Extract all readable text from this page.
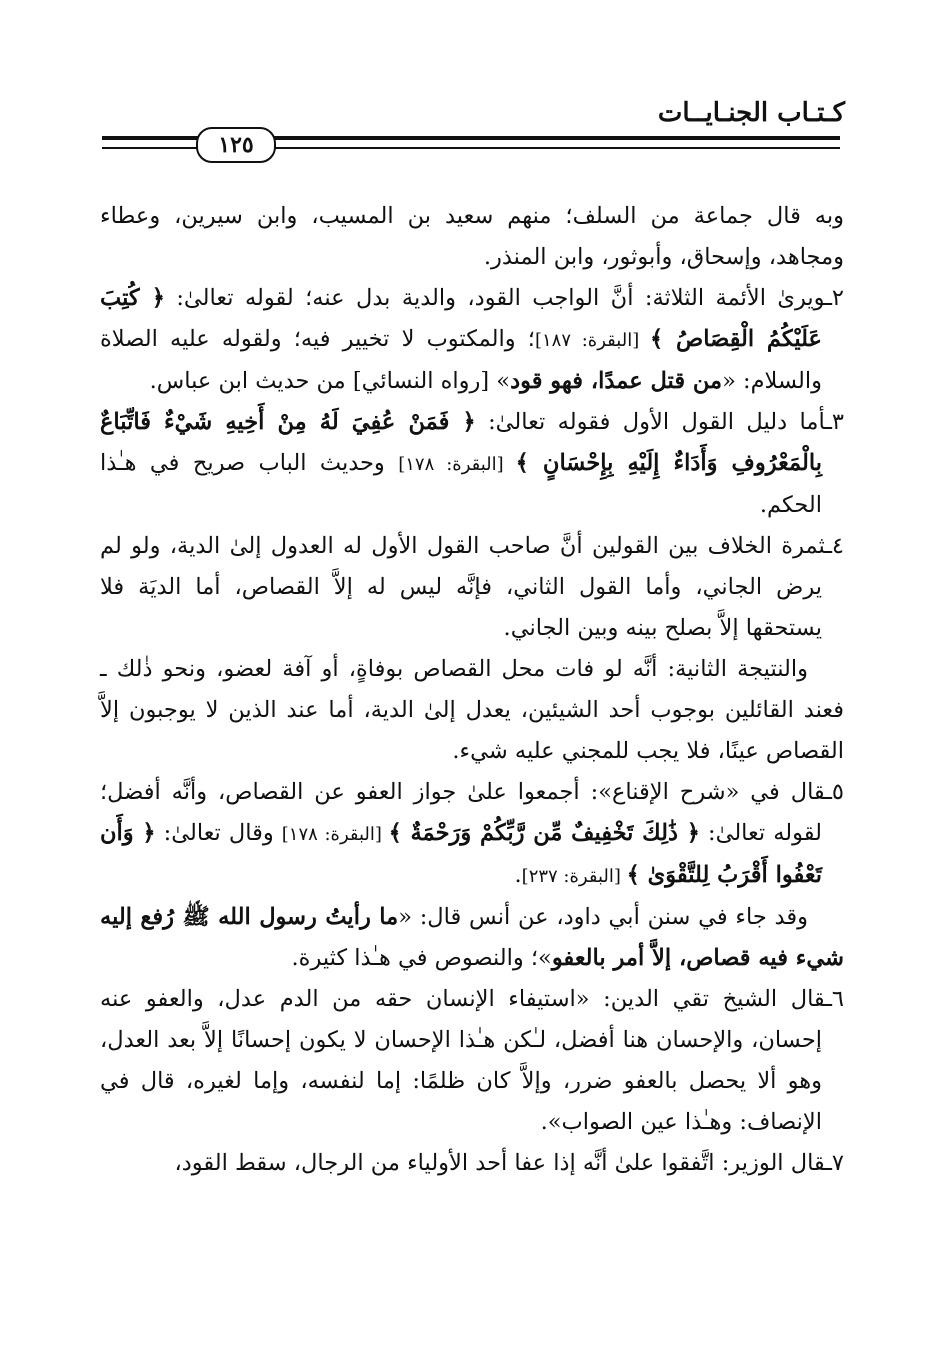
كـتـاب الجنـايــات
١٢٥

وبه قال جماعة من السلف؛ منهم سعيد بن المسيب، وابن سيرين، وعطاء ومجاهد، وإسحاق، وأبوثور، وابن المنذر.

٢ـويرىٰ الأئمة الثلاثة: أنَّ الواجب القود، والدية بدل عنه؛ لقوله تعالىٰ: ﴿ كُتِبَ عَلَيْكُمُ الْقِصَاصُ ﴾ [البقرة: ١٨٧]؛ والمكتوب لا تخيير فيه؛ ولقوله عليه الصلاة والسلام: «من قتل عمدًا، فهو قود» [رواه النسائي] من حديث ابن عباس.

٣ـأما دليل القول الأول فقوله تعالىٰ: ﴿ فَمَنْ عُفِيَ لَهُ مِنْ أَخِيهِ شَيْءٌ فَاتِّبَاعٌ بِالْمَعْرُوفِ وَأَدَاءٌ إِلَيْهِ بِإِحْسَانٍ ﴾ [البقرة: ١٧٨] وحديث الباب صريح في هـٰذا الحكم.

٤ـثمرة الخلاف بين القولين أنَّ صاحب القول الأول له العدول إلىٰ الدية، ولو لم يرض الجاني، وأما القول الثاني، فإنَّه ليس له إلاَّ القصاص، أما الديَة فلا يستحقها إلاَّ بصلح بينه وبين الجاني.

والنتيجة الثانية: أنَّه لو فات محل القصاص بوفاةٍ، أو آفة لعضو، ونحو ذٰلك ـ فعند القائلين بوجوب أحد الشيئين، يعدل إلىٰ الدية، أما عند الذين لا يوجبون إلاَّ القصاص عينًا، فلا يجب للمجني عليه شيء.

٥ـقال في «شرح الإقناع»: أجمعوا علىٰ جواز العفو عن القصاص، وأنَّه أفضل؛ لقوله تعالىٰ: ﴿ ذَٰلِكَ تَخْفِيفٌ مِّن رَّبِّكُمْ وَرَحْمَةٌ ﴾ [البقرة: ١٧٨] وقال تعالىٰ: ﴿ وَأَن تَعْفُوا أَقْرَبُ لِلتَّقْوَىٰ ﴾ [البقرة: ٢٣٧].

وقد جاء في سنن أبي داود، عن أنس قال: «ما رأيتُ رسول الله ﷺ رُفع إليه شيء فيه قصاص، إلاَّ أمر بالعفو»؛ والنصوص في هـٰذا كثيرة.

٦ـقال الشيخ تقي الدين: «استيفاء الإنسان حقه من الدم عدل، والعفو عنه إحسان، والإحسان هنا أفضل، لـٰكن هـٰذا الإحسان لا يكون إحسانًا إلاَّ بعد العدل، وهو ألا يحصل بالعفو ضرر، وإلاَّ كان ظلمًا: إما لنفسه، وإما لغيره، قال في الإنصاف: وهـٰذا عين الصواب».

٧ـقال الوزير: اتَّفقوا علىٰ أنَّه إذا عفا أحد الأولياء من الرجال، سقط القود،
